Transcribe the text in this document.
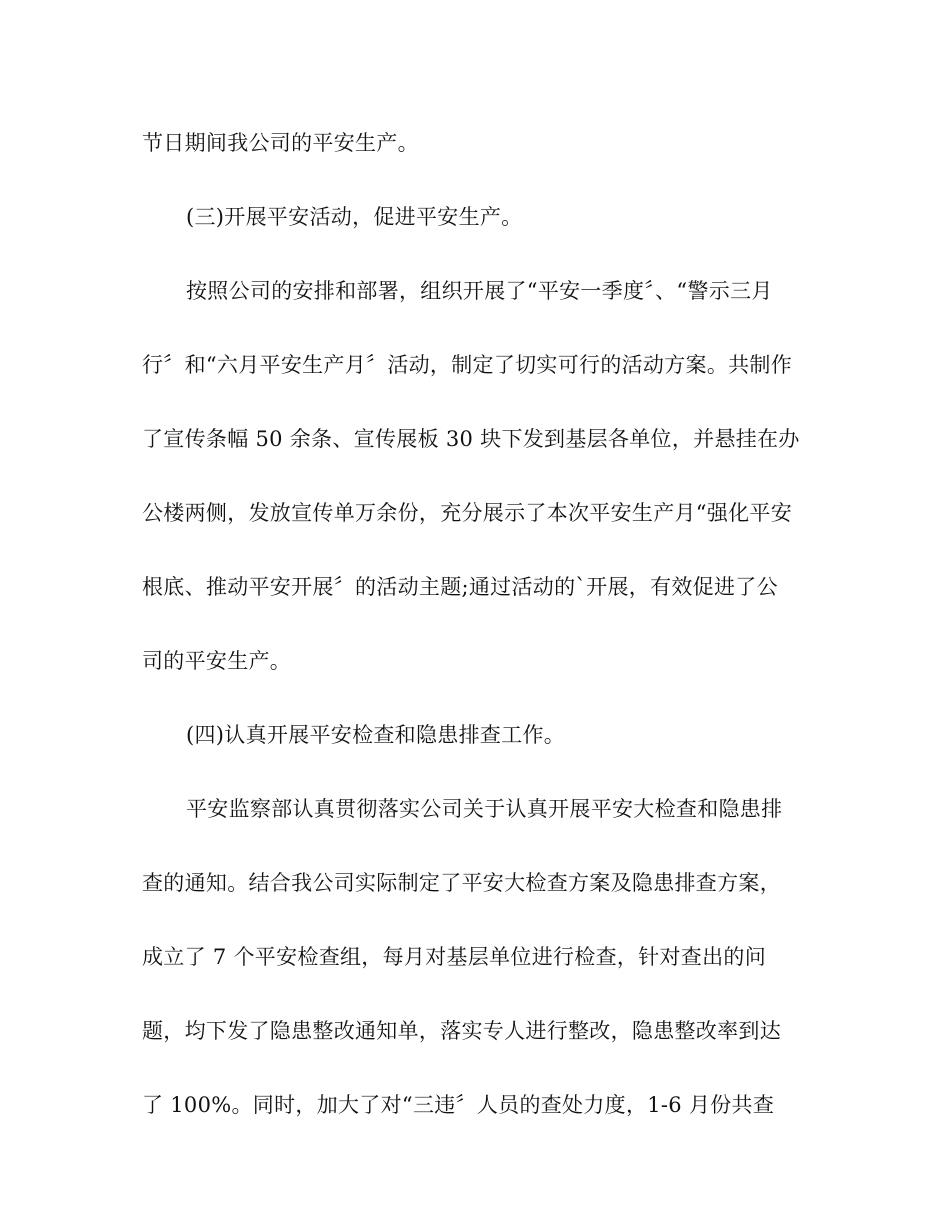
节日期间我公司的平安生产。
(三)开展平安活动，促进平安生产。
按照公司的安排和部署，组织开展了“平安一季度〞、“警示三月
行〞和“六月平安生产月〞活动，制定了切实可行的活动方案。共制作
了宣传条幅 50 余条、宣传展板 30 块下发到基层各单位，并悬挂在办
公楼两侧，发放宣传单万余份，充分展示了本次平安生产月“强化平安
根底、推动平安开展〞的活动主题;通过活动的`开展，有效促进了公
司的平安生产。
(四)认真开展平安检查和隐患排查工作。
平安监察部认真贯彻落实公司关于认真开展平安大检查和隐患排
查的通知。结合我公司实际制定了平安大检查方案及隐患排查方案，
成立了 7 个平安检查组，每月对基层单位进行检查，针对查出的问
题，均下发了隐患整改通知单，落实专人进行整改，隐患整改率到达
了 100%。同时，加大了对“三违〞人员的查处力度，1-6 月份共查
